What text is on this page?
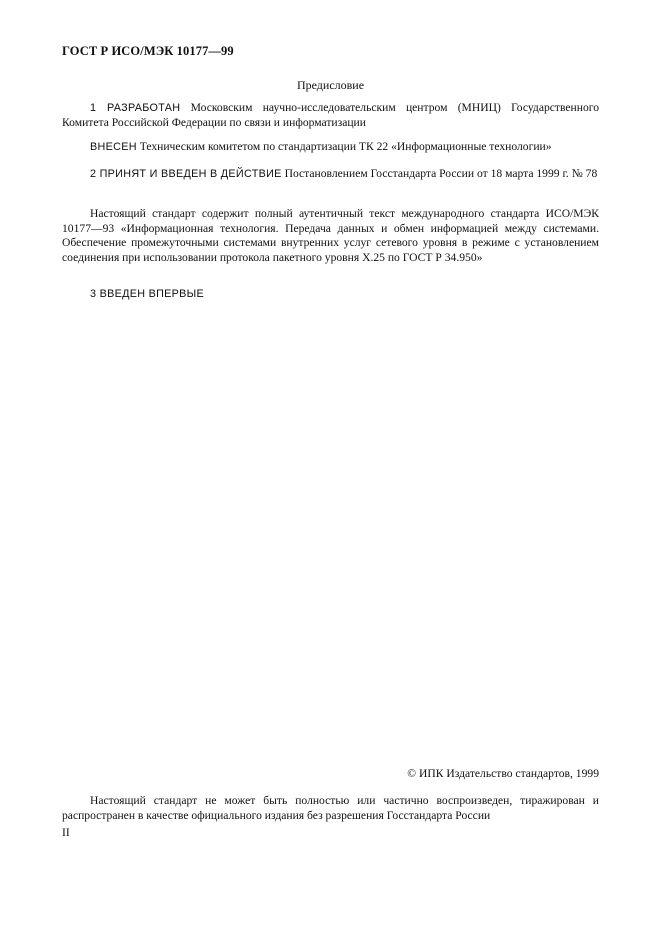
ГОСТ Р ИСО/МЭК 10177—99
Предисловие
1 РАЗРАБОТАН Московским научно-исследовательским центром (МНИЦ) Государственного Комитета Российской Федерации по связи и информатизации
ВНЕСЕН Техническим комитетом по стандартизации ТК 22 «Информационные технологии»
2 ПРИНЯТ И ВВЕДЕН В ДЕЙСТВИЕ Постановлением Госстандарта России от 18 марта 1999 г. № 78
Настоящий стандарт содержит полный аутентичный текст международного стандарта ИСО/МЭК 10177—93 «Информационная технология. Передача данных и обмен информацией между системами. Обеспечение промежуточными системами внутренних услуг сетевого уровня в режиме с установлением соединения при использовании протокола пакетного уровня Х.25 по ГОСТ Р 34.950»
3 ВВЕДЕН ВПЕРВЫЕ
© ИПК Издательство стандартов, 1999
Настоящий стандарт не может быть полностью или частично воспроизведен, тиражирован и распространен в качестве официального издания без разрешения Госстандарта России
II
